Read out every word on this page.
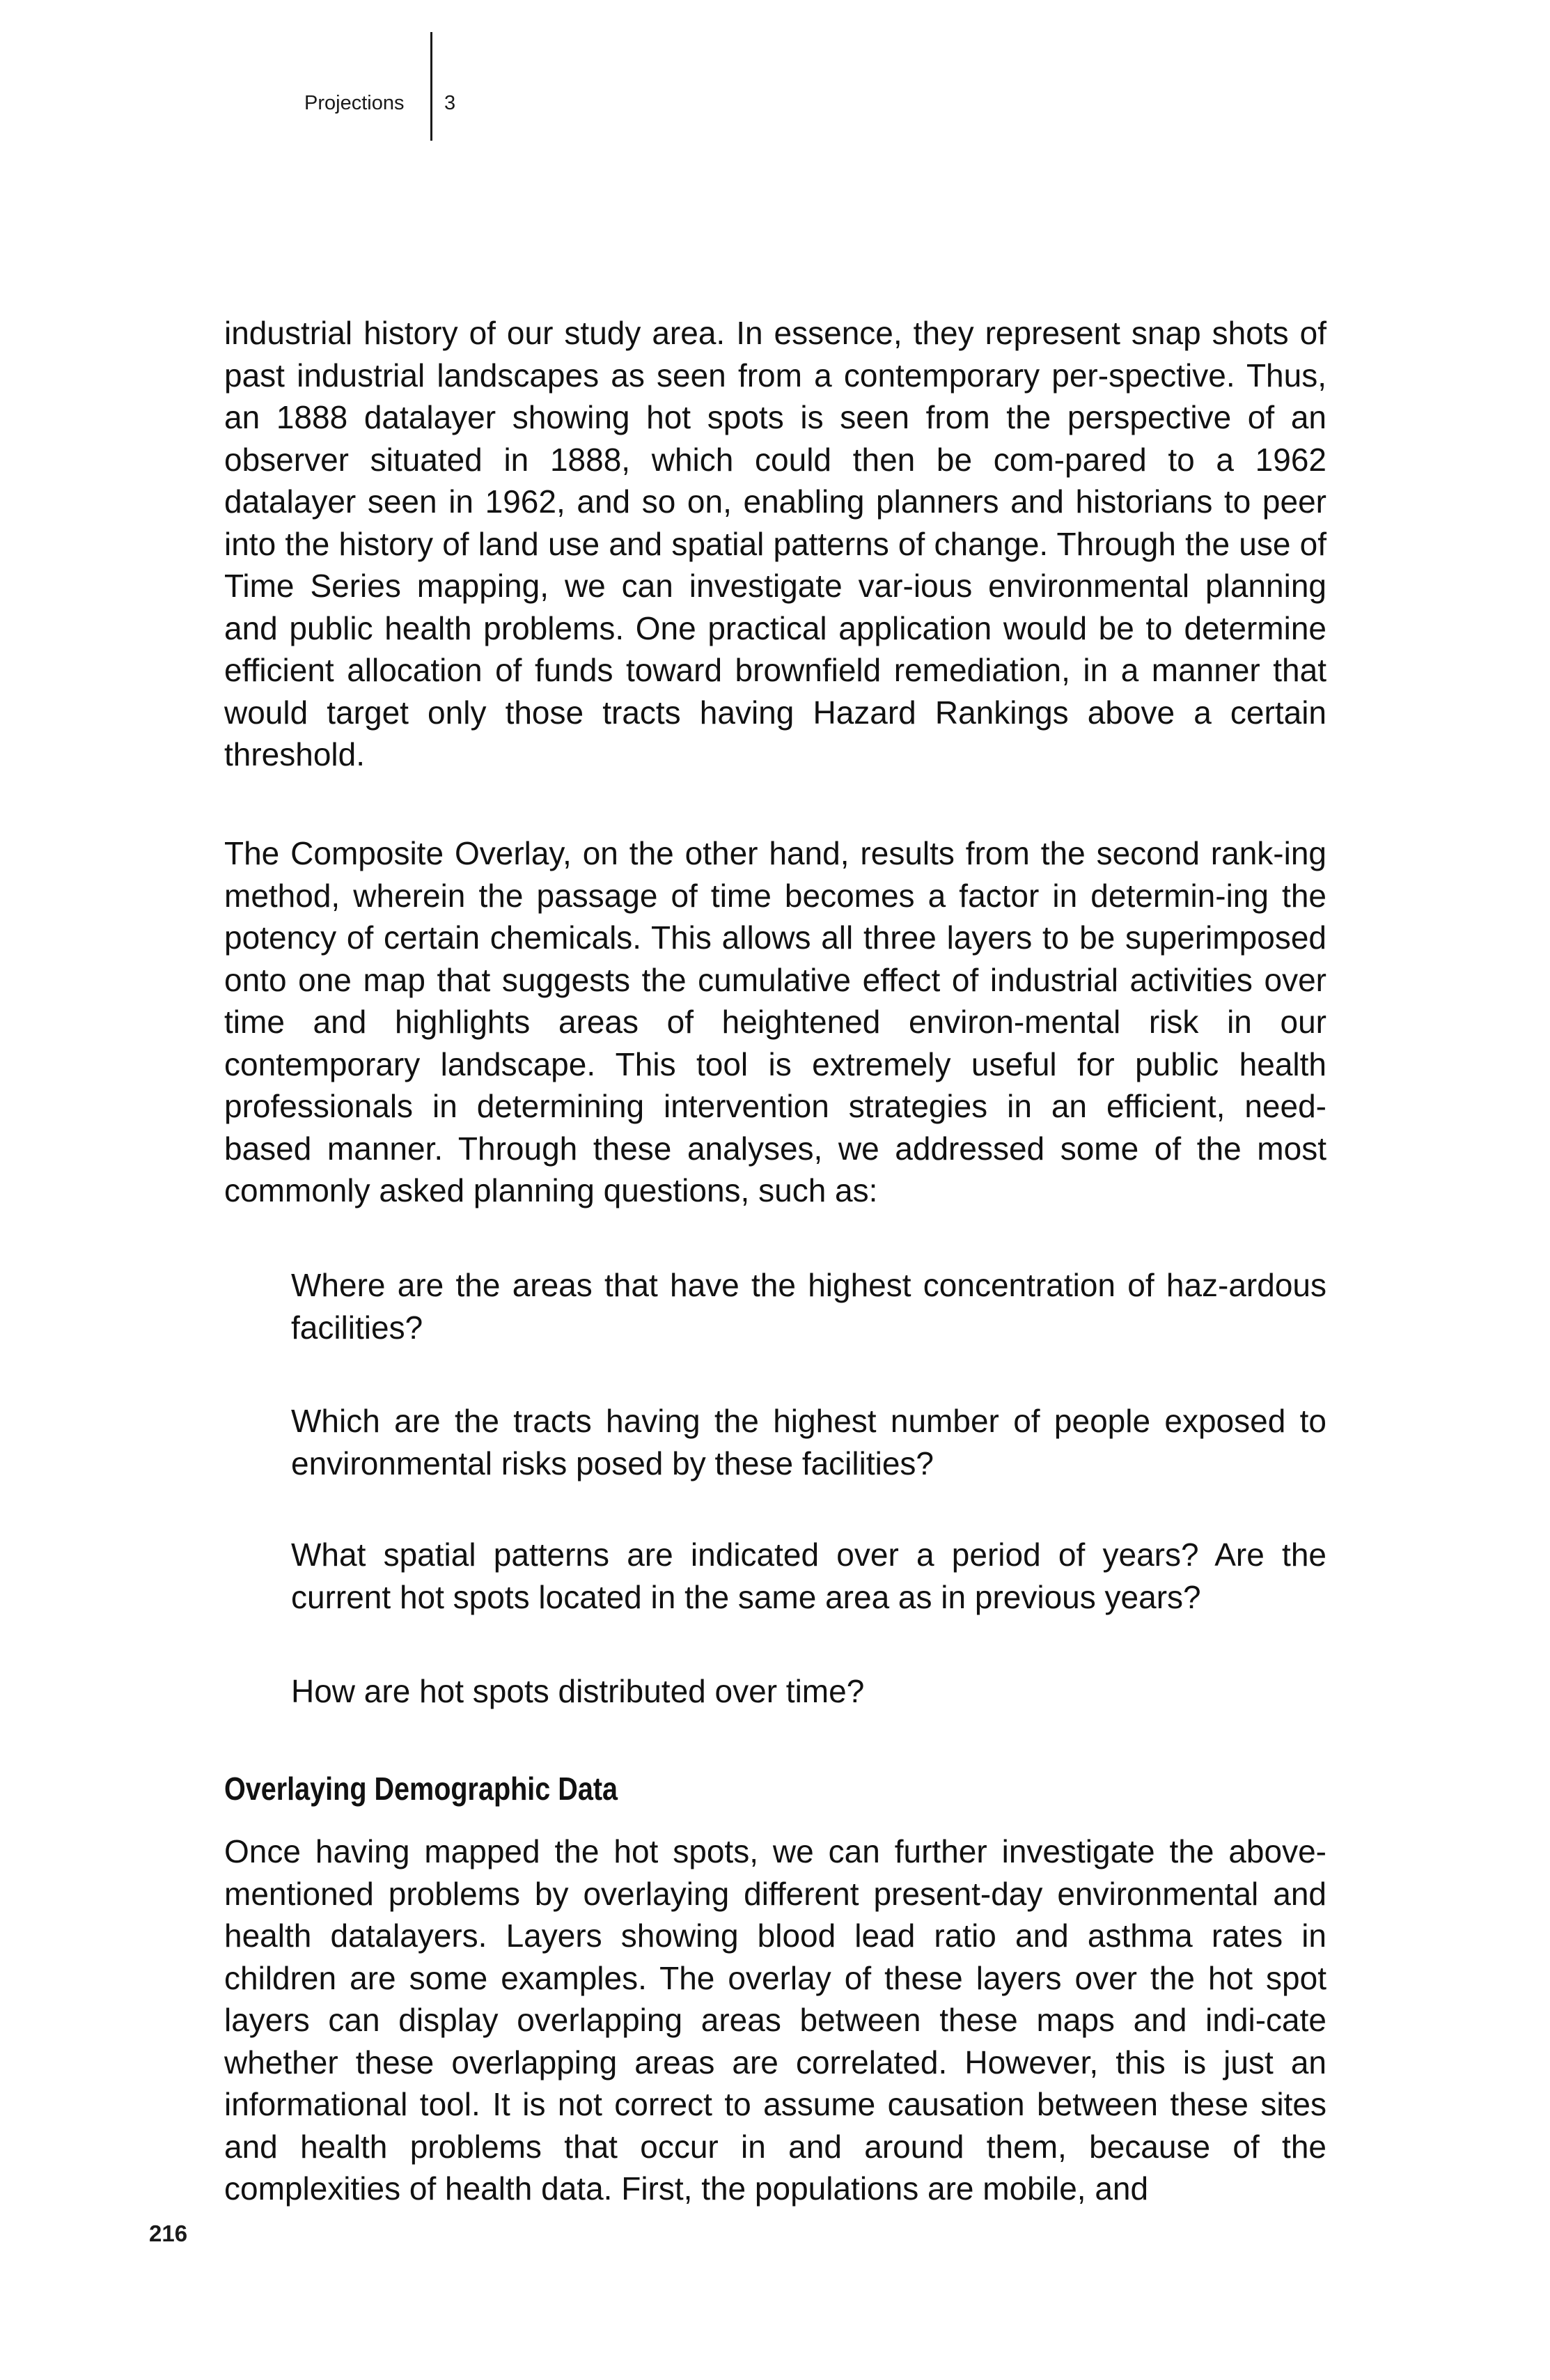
Projections 3

industrial history of our study area. In essence, they represent snap shots of past industrial landscapes as seen from a contemporary per-spective. Thus, an 1888 datalayer showing hot spots is seen from the perspective of an observer situated in 1888, which could then be com-pared to a 1962 datalayer seen in 1962, and so on, enabling planners and historians to peer into the history of land use and spatial patterns of change. Through the use of Time Series mapping, we can investigate var-ious environmental planning and public health problems. One practical application would be to determine efficient allocation of funds toward brownfield remediation, in a manner that would target only those tracts having Hazard Rankings above a certain threshold.

The Composite Overlay, on the other hand, results from the second rank-ing method, wherein the passage of time becomes a factor in determin-ing the potency of certain chemicals. This allows all three layers to be superimposed onto one map that suggests the cumulative effect of industrial activities over time and highlights areas of heightened environ-mental risk in our contemporary landscape. This tool is extremely useful for public health professionals in determining intervention strategies in an efficient, need-based manner. Through these analyses, we addressed some of the most commonly asked planning questions, such as:

Where are the areas that have the highest concentration of haz-ardous facilities?

Which are the tracts having the highest number of people exposed to environmental risks posed by these facilities?

What spatial patterns are indicated over a period of years? Are the current hot spots located in the same area as in previous years?

How are hot spots distributed over time?

Overlaying Demographic Data

Once having mapped the hot spots, we can further investigate the above-mentioned problems by overlaying different present-day environmental and health datalayers. Layers showing blood lead ratio and asthma rates in children are some examples. The overlay of these layers over the hot spot layers can display overlapping areas between these maps and indi-cate whether these overlapping areas are correlated. However, this is just an informational tool. It is not correct to assume causation between these sites and health problems that occur in and around them, because of the complexities of health data. First, the populations are mobile, and

216
